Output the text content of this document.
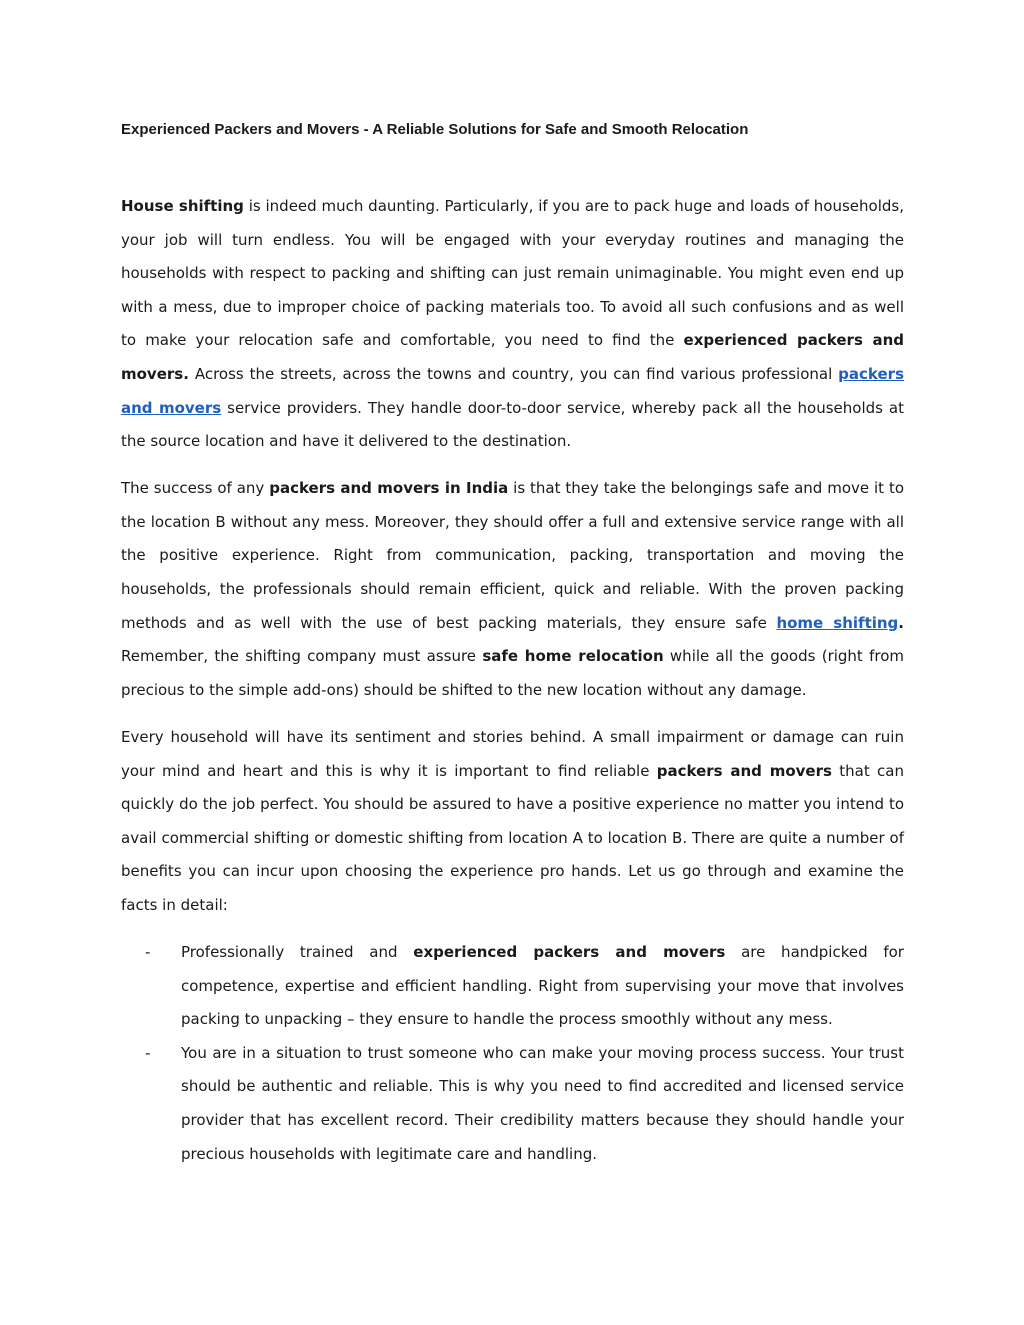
Experienced Packers and Movers - A Reliable Solutions for Safe and Smooth Relocation

House shifting is indeed much daunting. Particularly, if you are to pack huge and loads of households, your job will turn endless. You will be engaged with your everyday routines and managing the households with respect to packing and shifting can just remain unimaginable. You might even end up with a mess, due to improper choice of packing materials too. To avoid all such confusions and as well to make your relocation safe and comfortable, you need to find the experienced packers and movers. Across the streets, across the towns and country, you can find various professional packers and movers service providers. They handle door-to-door service, whereby pack all the households at the source location and have it delivered to the destination.

The success of any packers and movers in India is that they take the belongings safe and move it to the location B without any mess. Moreover, they should offer a full and extensive service range with all the positive experience. Right from communication, packing, transportation and moving the households, the professionals should remain efficient, quick and reliable. With the proven packing methods and as well with the use of best packing materials, they ensure safe home shifting. Remember, the shifting company must assure safe home relocation while all the goods (right from precious to the simple add-ons) should be shifted to the new location without any damage.

Every household will have its sentiment and stories behind. A small impairment or damage can ruin your mind and heart and this is why it is important to find reliable packers and movers that can quickly do the job perfect. You should be assured to have a positive experience no matter you intend to avail commercial shifting or domestic shifting from location A to location B. There are quite a number of benefits you can incur upon choosing the experience pro hands. Let us go through and examine the facts in detail:

- Professionally trained and experienced packers and movers are handpicked for competence, expertise and efficient handling. Right from supervising your move that involves packing to unpacking – they ensure to handle the process smoothly without any mess.
- You are in a situation to trust someone who can make your moving process success. Your trust should be authentic and reliable. This is why you need to find accredited and licensed service provider that has excellent record. Their credibility matters because they should handle your precious households with legitimate care and handling.
